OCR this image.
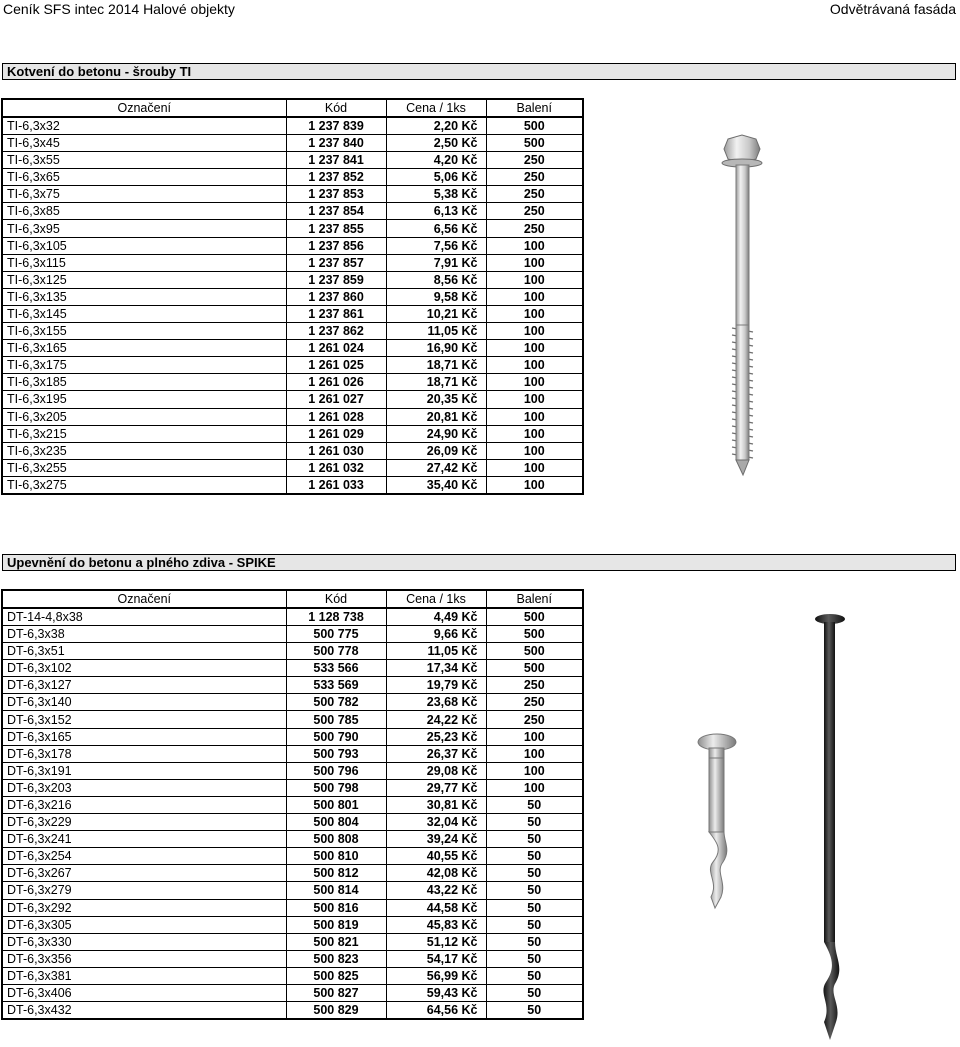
Ceník SFS intec 2014 Halové objekty	Odvětrávaná fasáda
Kotvení do betonu - šrouby TI
Označení	Kód	Cena / 1ks	Balení
TI-6,3x32	1 237 839	2,20 Kč	500
TI-6,3x45	1 237 840	2,50 Kč	500
TI-6,3x55	1 237 841	4,20 Kč	250
TI-6,3x65	1 237 852	5,06 Kč	250
TI-6,3x75	1 237 853	5,38 Kč	250
TI-6,3x85	1 237 854	6,13 Kč	250
TI-6,3x95	1 237 855	6,56 Kč	250
TI-6,3x105	1 237 856	7,56 Kč	100
TI-6,3x115	1 237 857	7,91 Kč	100
TI-6,3x125	1 237 859	8,56 Kč	100
TI-6,3x135	1 237 860	9,58 Kč	100
TI-6,3x145	1 237 861	10,21 Kč	100
TI-6,3x155	1 237 862	11,05 Kč	100
TI-6,3x165	1 261 024	16,90 Kč	100
TI-6,3x175	1 261 025	18,71 Kč	100
TI-6,3x185	1 261 026	18,71 Kč	100
TI-6,3x195	1 261 027	20,35 Kč	100
TI-6,3x205	1 261 028	20,81 Kč	100
TI-6,3x215	1 261 029	24,90 Kč	100
TI-6,3x235	1 261 030	26,09 Kč	100
TI-6,3x255	1 261 032	27,42 Kč	100
TI-6,3x275	1 261 033	35,40 Kč	100
Upevnění do betonu a plného zdiva - SPIKE
Označení	Kód	Cena / 1ks	Balení
DT-14-4,8x38	1 128 738	4,49 Kč	500
DT-6,3x38	500 775	9,66 Kč	500
DT-6,3x51	500 778	11,05 Kč	500
DT-6,3x102	533 566	17,34 Kč	500
DT-6,3x127	533 569	19,79 Kč	250
DT-6,3x140	500 782	23,68 Kč	250
DT-6,3x152	500 785	24,22 Kč	250
DT-6,3x165	500 790	25,23 Kč	100
DT-6,3x178	500 793	26,37 Kč	100
DT-6,3x191	500 796	29,08 Kč	100
DT-6,3x203	500 798	29,77 Kč	100
DT-6,3x216	500 801	30,81 Kč	50
DT-6,3x229	500 804	32,04 Kč	50
DT-6,3x241	500 808	39,24 Kč	50
DT-6,3x254	500 810	40,55 Kč	50
DT-6,3x267	500 812	42,08 Kč	50
DT-6,3x279	500 814	43,22 Kč	50
DT-6,3x292	500 816	44,58 Kč	50
DT-6,3x305	500 819	45,83 Kč	50
DT-6,3x330	500 821	51,12 Kč	50
DT-6,3x356	500 823	54,17 Kč	50
DT-6,3x381	500 825	56,99 Kč	50
DT-6,3x406	500 827	59,43 Kč	50
DT-6,3x432	500 829	64,56 Kč	50
